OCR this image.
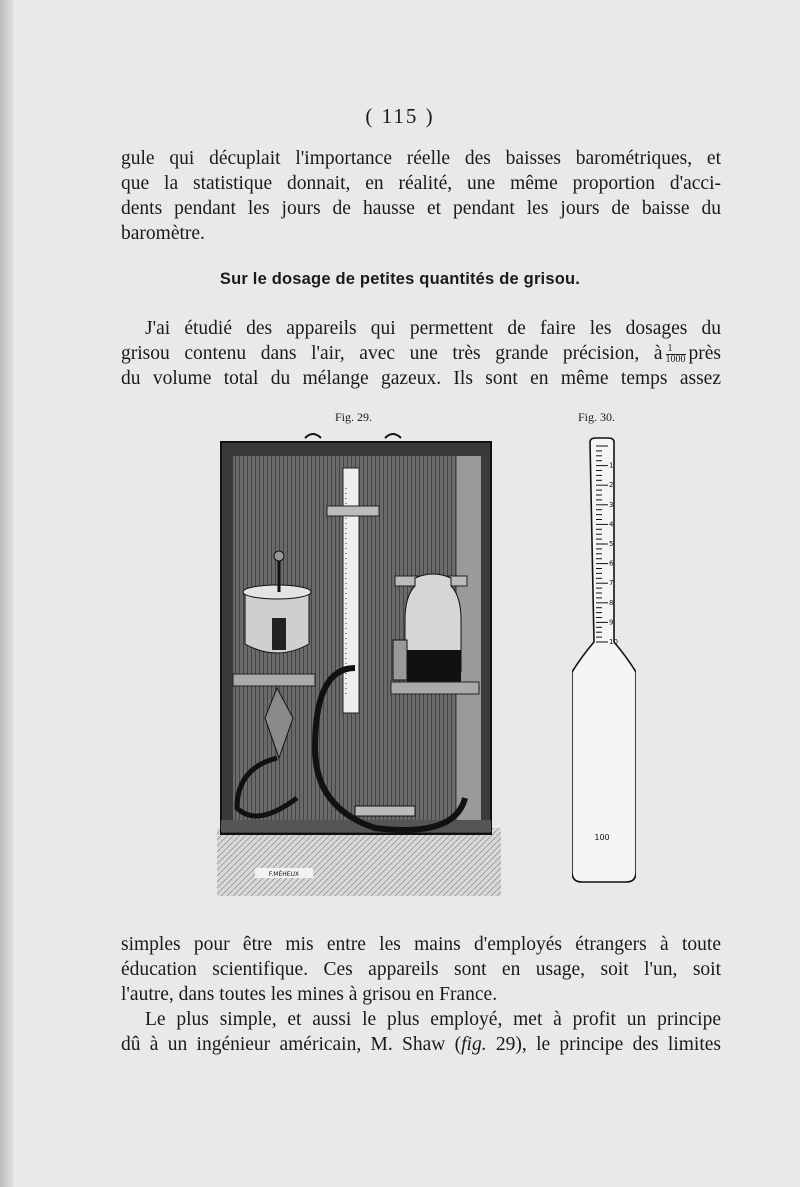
( 115 )

gule qui décuplait l'importance réelle des baisses barométriques, et

que la statistique donnait, en réalité, une même proportion d'acci-

dents pendant les jours de hausse et pendant les jours de baisse du

baromètre.

Sur le dosage de petites quantités de grisou.

J'ai étudié des appareils qui permettent de faire les dosages du

grisou contenu dans l'air, avec une très grande précision, à $\frac{1}{1000}$ près

du volume total du mélange gazeux. Ils sont en même temps assez

Fig. 29.	Fig. 30.
F.MÉHEUX
1
2
3
4
5
6
7
8
9
10
100

simples pour être mis entre les mains d'employés étrangers à toute

éducation scientifique. Ces appareils sont en usage, soit l'un, soit

l'autre, dans toutes les mines à grisou en France.

Le plus simple, et aussi le plus employé, met à profit un principe

dû à un ingénieur américain, M. Shaw (fig. 29), le principe des limites
